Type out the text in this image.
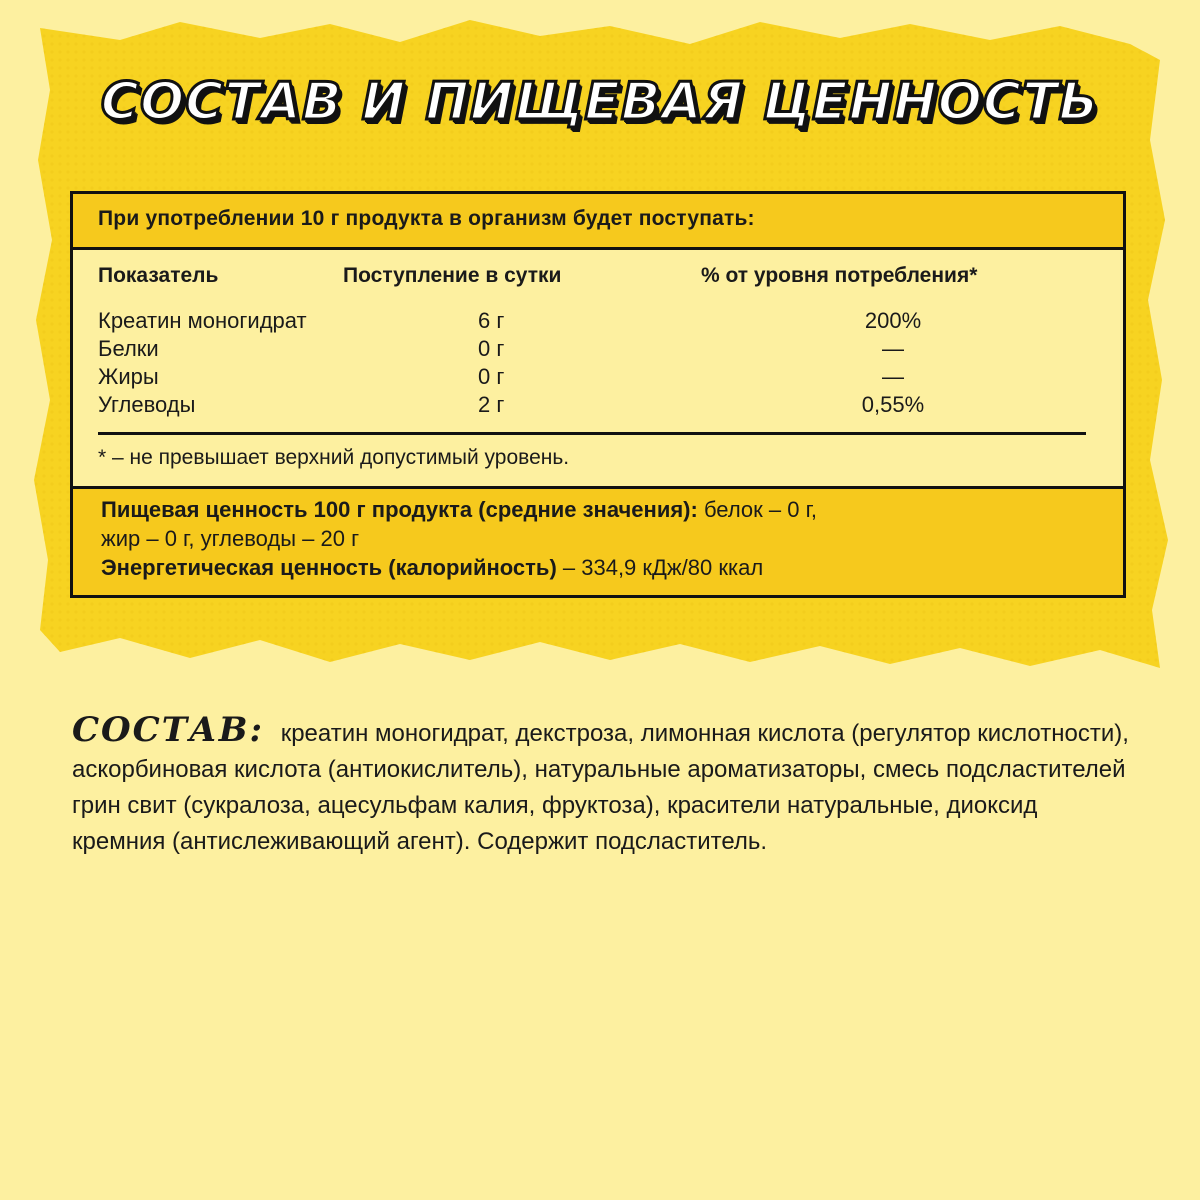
СОСТАВ И ПИЩЕВАЯ ЦЕННОСТЬ
При употреблении 10 г продукта в организм будет поступать:
Показатель	Поступление в сутки	% от уровня потребления*
Креатин моногидрат	6 г	200%
Белки	0 г	—
Жиры	0 г	—
Углеводы	2 г	0,55%
* – не превышает верхний допустимый уровень.
Пищевая ценность 100 г продукта (средние значения): белок – 0 г,
жир – 0 г, углеводы – 20 г
Энергетическая ценность (калорийность) – 334,9 кДж/80 ккал
СОСТАВ: креатин моногидрат, декстроза, лимонная кислота (регулятор кислотности), аскорбиновая кислота (антиокислитель), натуральные ароматизаторы, смесь подсластителей грин свит (сукралоза, ацесульфам калия, фруктоза), красители натуральные, диоксид кремния (антислеживающий агент). Содержит подсластитель.
